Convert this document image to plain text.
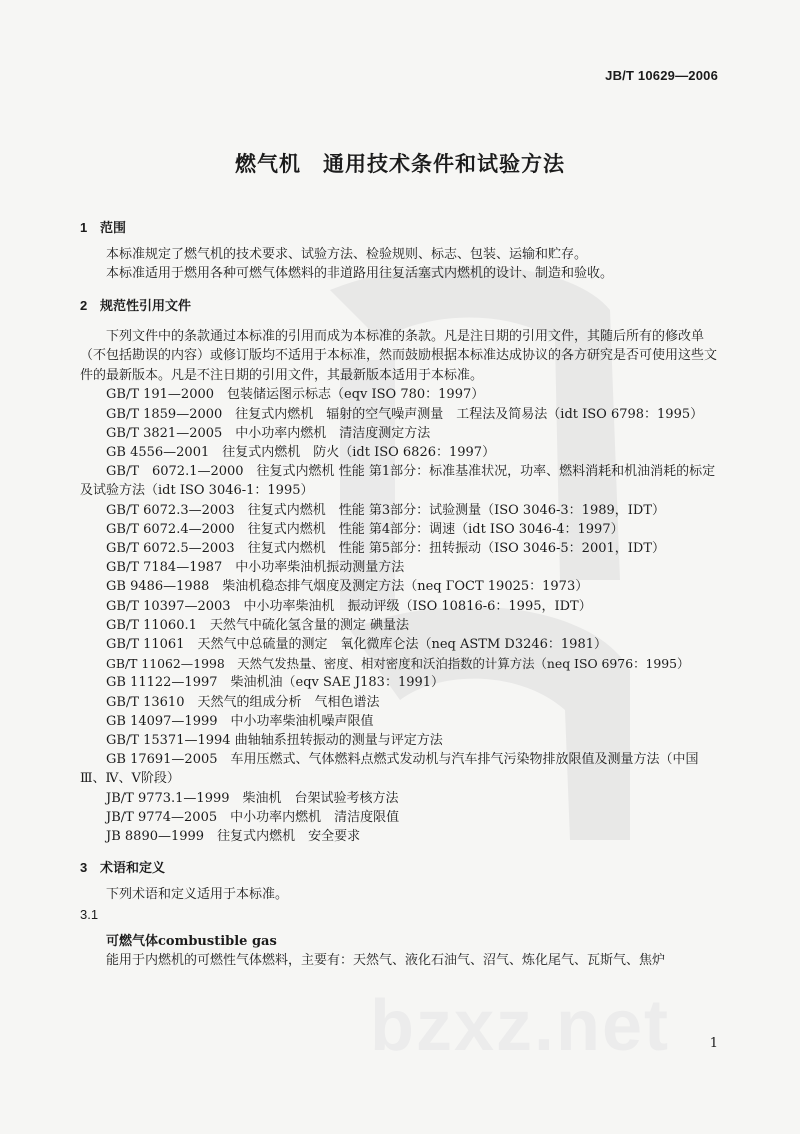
bzxz.net
JB/T 10629—2006
燃气机　通用技术条件和试验方法

1 范围

本标准规定了燃气机的技术要求、试验方法、检验规则、标志、包装、运输和贮存。

本标准适用于燃用各种可燃气体燃料的非道路用往复活塞式内燃机的设计、制造和验收。

2 规范性引用文件

下列文件中的条款通过本标准的引用而成为本标准的条款。凡是注日期的引用文件，其随后所有的修改单（不包括勘误的内容）或修订版均不适用于本标准，然而鼓励根据本标准达成协议的各方研究是否可使用这些文件的最新版本。凡是不注日期的引用文件，其最新版本适用于本标准。

GB/T 191—2000　包装储运图示标志（eqv ISO 780：1997）

GB/T 1859—2000　往复式内燃机　辐射的空气噪声测量　工程法及简易法（idt ISO 6798：1995）

GB/T 3821—2005　中小功率内燃机　清洁度测定方法

GB 4556—2001　往复式内燃机　防火（idt ISO 6826：1997）

GB/T　6072.1—2000　往复式内燃机 性能 第1部分：标准基准状况，功率、燃料消耗和机油消耗的标定及试验方法（idt ISO 3046-1：1995）

GB/T 6072.3—2003　往复式内燃机　性能 第3部分：试验测量（ISO 3046-3：1989，IDT）

GB/T 6072.4—2000　往复式内燃机　性能 第4部分：调速（idt ISO 3046-4：1997）

GB/T 6072.5—2003　往复式内燃机　性能 第5部分：扭转振动（ISO 3046-5：2001，IDT）

GB/T 7184—1987　中小功率柴油机振动测量方法

GB 9486—1988　柴油机稳态排气烟度及测定方法（neq ГОСТ 19025：1973）

GB/T 10397—2003　中小功率柴油机　振动评级（ISO 10816-6：1995，IDT）

GB/T 11060.1　天然气中硫化氢含量的测定 碘量法

GB/T 11061　天然气中总硫量的测定　氧化微库仑法（neq ASTM D3246：1981）

GB/T 11062—1998　天然气发热量、密度、相对密度和沃泊指数的计算方法（neq ISO 6976：1995）

GB 11122—1997　柴油机油（eqv SAE J183：1991）

GB/T 13610　天然气的组成分析　气相色谱法

GB 14097—1999　中小功率柴油机噪声限值

GB/T 15371—1994 曲轴轴系扭转振动的测量与评定方法

GB 17691—2005　车用压燃式、气体燃料点燃式发动机与汽车排气污染物排放限值及测量方法（中国Ⅲ、Ⅳ、Ⅴ阶段）

JB/T 9773.1—1999　柴油机　台架试验考核方法

JB/T 9774—2005　中小功率内燃机　清洁度限值

JB 8890—1999　往复式内燃机　安全要求

3 术语和定义

下列术语和定义适用于本标准。

3.1

可燃气体combustible gas

能用于内燃机的可燃性气体燃料，主要有：天然气、液化石油气、沼气、炼化尾气、瓦斯气、焦炉

1
